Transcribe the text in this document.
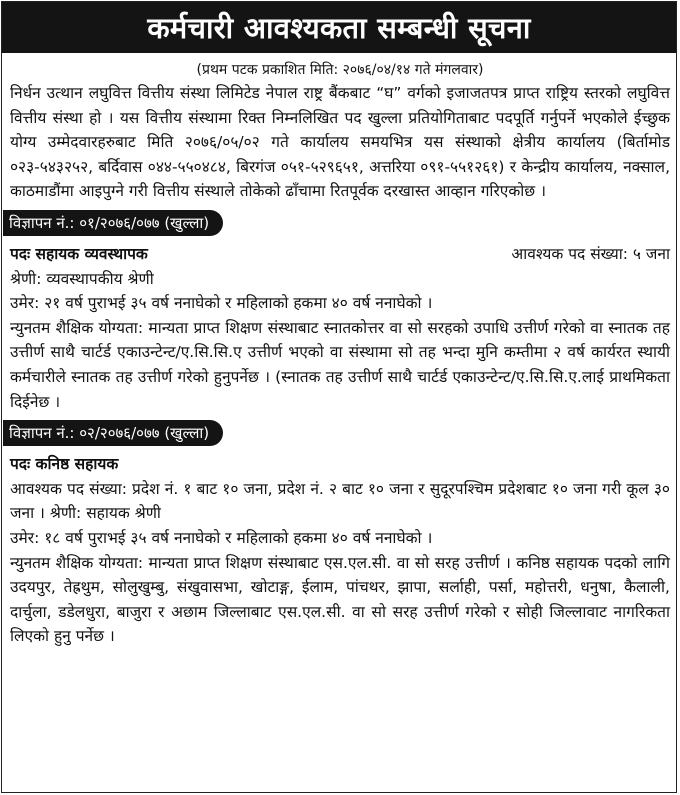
कर्मचारी आवश्यकता सम्बन्धी सूचना
(प्रथम पटक प्रकाशित मिति: २०७६/०४/१४ गते मंगलवार)

निर्धन उत्थान लघुवित्त वित्तीय संस्था लिमिटेड नेपाल राष्ट्र बैंकबाट “घ” वर्गको इजाजतपत्र प्राप्त राष्ट्रिय स्तरको लघुवित्त वित्तीय संस्था हो । यस वित्तीय संस्थामा रिक्त निम्नलिखित पद खुल्ला प्रतियोगिताबाट पदपूर्ति गर्नुपर्ने भएकोले ईच्छुक योग्य उम्मेदवारहरुबाट मिति २०७६/०५/०२ गते कार्यालय समयभित्र यस संस्थाको क्षेत्रीय कार्यालय (बिर्तामोड ०२३-५४३२५२, बर्दिवास ०४४-५५०४८४, बिरगंज ०५१-५२९६५१, अत्तरिया ०९१-५५१२६१) र केन्द्रीय कार्यालय, नक्साल, काठमाडौंमा आइपुग्ने गरी वित्तीय संस्थाले तोकेको ढाँचामा रितपूर्वक दरखास्त आव्हान गरिएकोछ ।

विज्ञापन नं.: ०१/२०७६/०७७ (खुल्ला)
पदः सहायक व्यवस्थापक	आवश्यक पद संख्या: ५ जना

श्रेणी: व्यवस्थापकीय श्रेणी

उमेर: २१ वर्ष पुराभई ३५ वर्ष ननाघेको र महिलाको हकमा ४० वर्ष ननाघेको ।

न्युनतम शैक्षिक योग्यता: मान्यता प्राप्त शिक्षण संस्थाबाट स्नातकोत्तर वा सो सरहको उपाधि उत्तीर्ण गरेको वा स्नातक तह उत्तीर्ण साथै चार्टर्ड एकाउन्टेन्ट/ए.सि.सि.ए उत्तीर्ण भएको वा संस्थामा सो तह भन्दा मुनि कम्तीमा २ वर्ष कार्यरत स्थायी कर्मचारीले स्नातक तह उत्तीर्ण गरेको हुनुपर्नेछ । (स्नातक तह उत्तीर्ण साथै चार्टर्ड एकाउन्टेन्ट/ए.सि.सि.ए.लाई प्राथमिकता दिईनेछ ।

विज्ञापन नं.: ०२/२०७६/०७७ (खुल्ला)
पदः कनिष्ठ सहायक

आवश्यक पद संख्या: प्रदेश नं. १ बाट १० जना, प्रदेश नं. २ बाट १० जना र सुदूरपश्चिम प्रदेशबाट १० जना गरी कूल ३० जना । श्रेणी: सहायक श्रेणी

उमेर: १८ वर्ष पुराभई ३५ वर्ष ननाघेको र महिलाको हकमा ४० वर्ष ननाघेको ।

न्युनतम शैक्षिक योग्यता: मान्यता प्राप्त शिक्षण संस्थाबाट एस.एल.सी. वा सो सरह उत्तीर्ण । कनिष्ठ सहायक पदको लागि उदयपुर, तेह्रथुम, सोलुखुम्बु, संखुवासभा, खोटाङ्ग, ईलाम, पांचथर, झापा, सर्लाही, पर्सा, महोत्तरी, धनुषा, कैलाली, दार्चुला, डडेलधुरा, बाजुरा र अछाम जिल्लाबाट एस.एल.सी. वा सो सरह उत्तीर्ण गरेको र सोही जिल्लावाट नागरिकता लिएको हुनु पर्नेछ ।
